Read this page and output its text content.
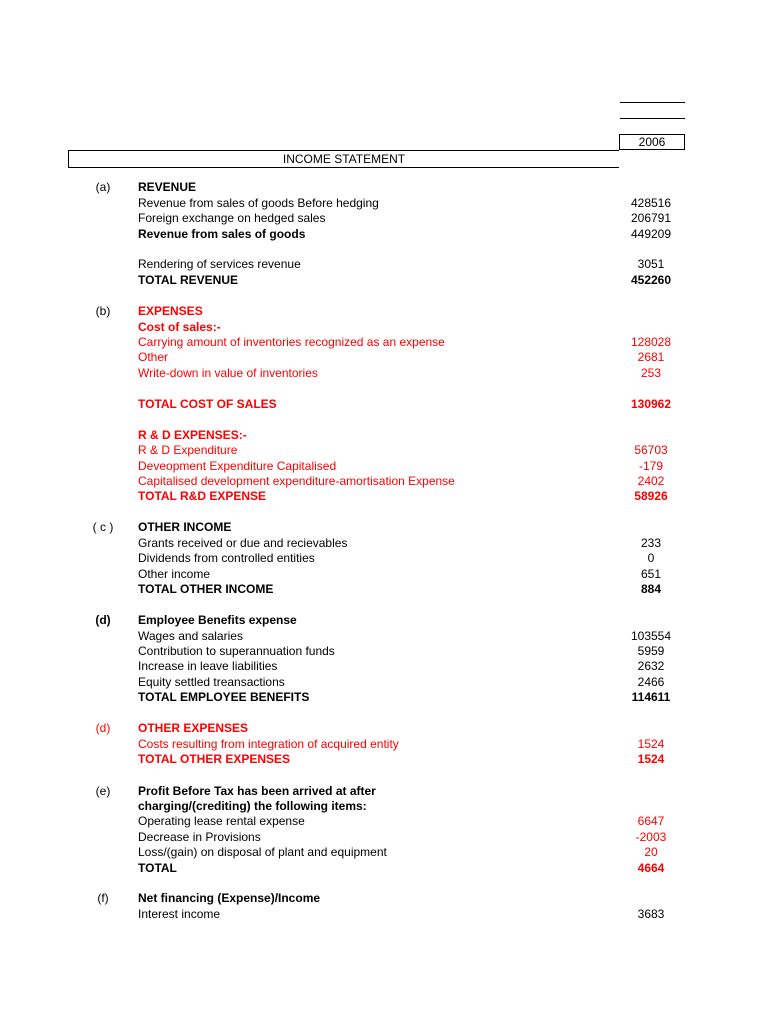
2006
INCOME STATEMENT
(a)	REVENUE
Revenue from sales of goods Before hedging	428516
Foreign exchange on hedged sales	206791
Revenue from sales of goods	449209
Rendering of services revenue	3051
TOTAL REVENUE	452260
(b)	EXPENSES
Cost of sales:-
Carrying amount of inventories recognized as an expense	128028
Other	2681
Write-down in value of inventories	253
TOTAL COST OF SALES	130962
R & D EXPENSES:-
R & D Expenditure	56703
Deveopment Expenditure Capitalised	-179
Capitalised development expenditure-amortisation Expense	2402
TOTAL R&D EXPENSE	58926
( c )	OTHER INCOME
Grants received or due and recievables	233
Dividends from controlled entities	0
Other income	651
TOTAL OTHER INCOME	884
(d)	Employee Benefits expense
Wages and salaries	103554
Contribution to superannuation funds	5959
Increase in leave liabilities	2632
Equity settled treansactions	2466
TOTAL EMPLOYEE BENEFITS	114611
(d)	OTHER EXPENSES
Costs resulting from integration of acquired entity	1524
TOTAL OTHER EXPENSES	1524
(e)	Profit Before Tax has been arrived at after
charging/(crediting) the following items:
Operating lease rental expense	6647
Decrease in Provisions	-2003
Loss/(gain) on disposal of plant and equipment	20
TOTAL	4664
(f)	Net financing (Expense)/Income
Interest income	3683
